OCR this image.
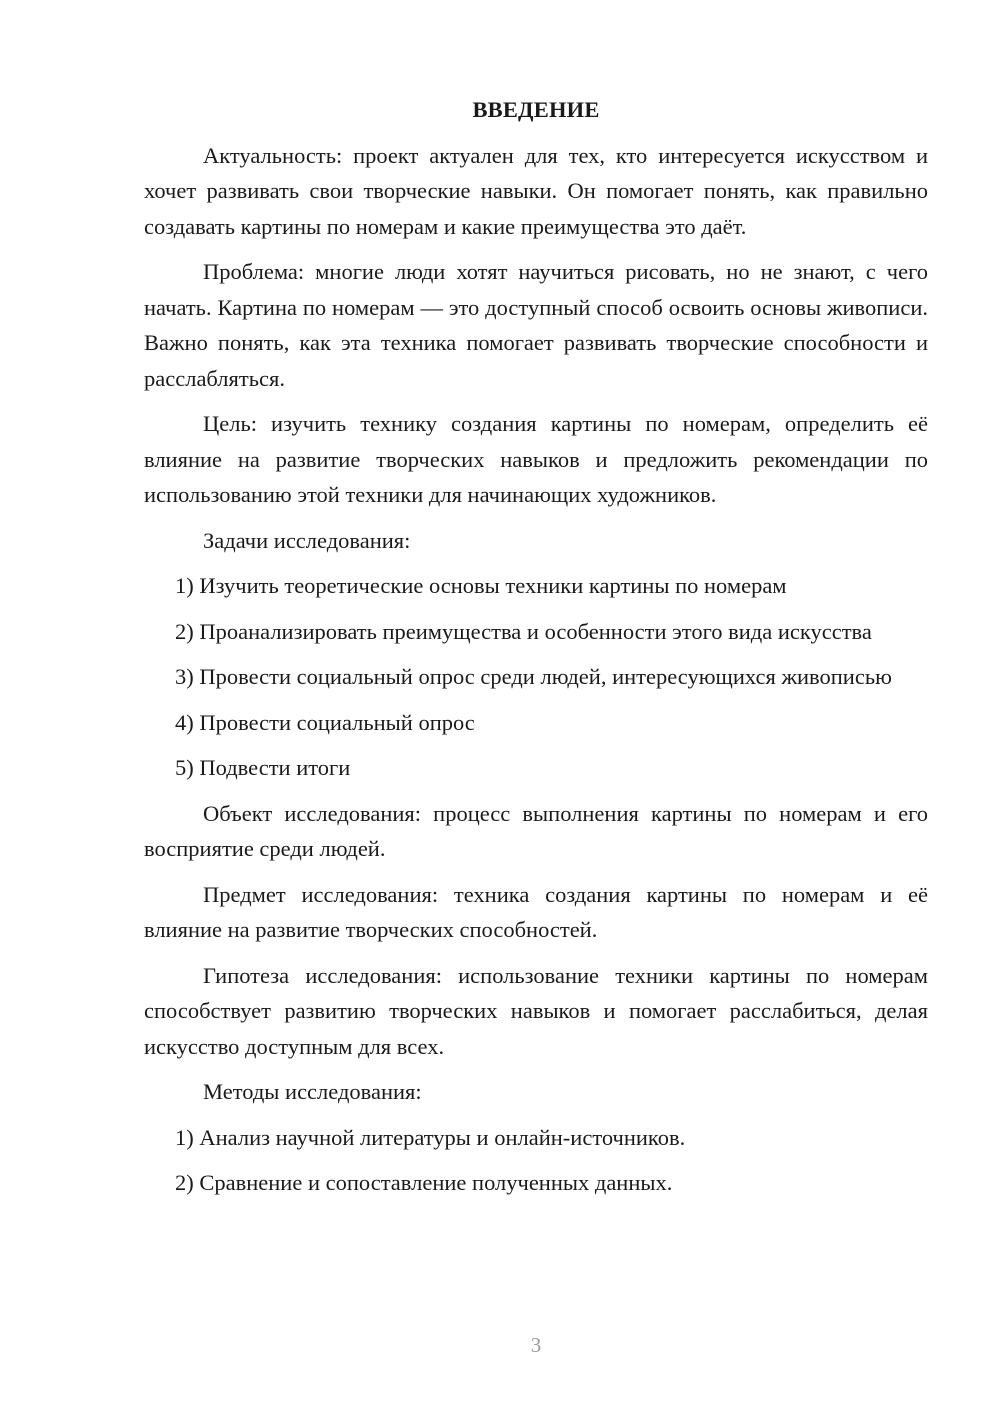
ВВЕДЕНИЕ

Актуальность: проект актуален для тех, кто интересуется искусством и хочет развивать свои творческие навыки. Он помогает понять, как правильно создавать картины по номерам и какие преимущества это даёт.

Проблема: многие люди хотят научиться рисовать, но не знают, с чего начать. Картина по номерам — это доступный способ освоить основы живописи. Важно понять, как эта техника помогает развивать творческие способности и расслабляться.

Цель: изучить технику создания картины по номерам, определить её влияние на развитие творческих навыков и предложить рекомендации по использованию этой техники для начинающих художников.

Задачи исследования:

1) Изучить теоретические основы техники картины по номерам

2) Проанализировать преимущества и особенности этого вида искусства

3) Провести социальный опрос среди людей, интересующихся живописью

4) Провести социальный опрос

5) Подвести итоги

Объект исследования: процесс выполнения картины по номерам и его восприятие среди людей.

Предмет исследования: техника создания картины по номерам и её влияние на развитие творческих способностей.

Гипотеза исследования: использование техники картины по номерам способствует развитию творческих навыков и помогает расслабиться, делая искусство доступным для всех.

Методы исследования:

1) Анализ научной литературы и онлайн-источников.

2) Сравнение и сопоставление полученных данных.

3
